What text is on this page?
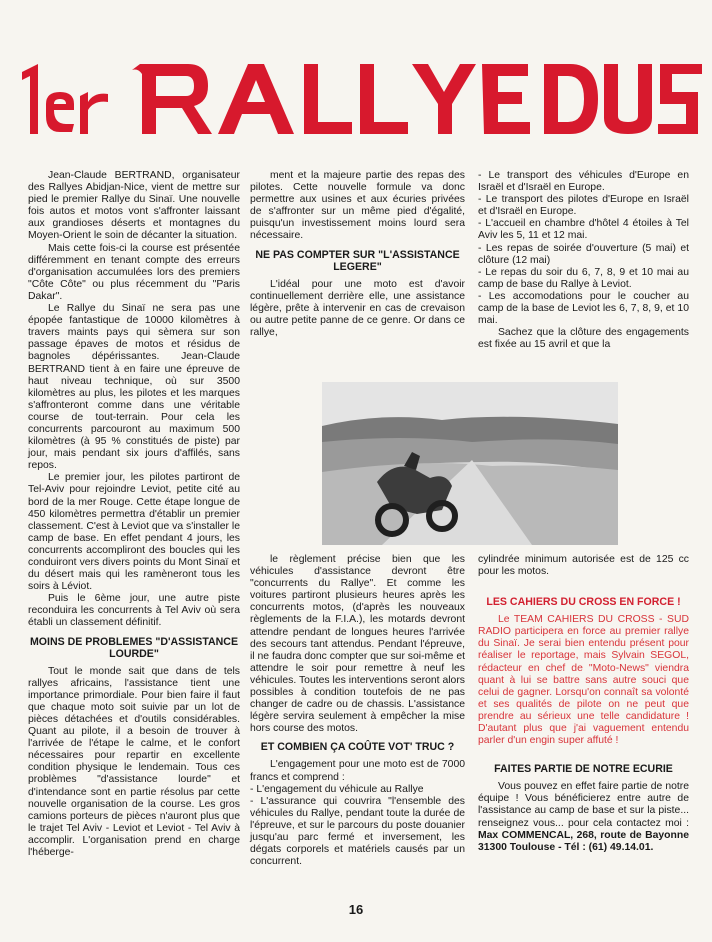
Jean-Claude BERTRAND, organisateur des Rallyes Abidjan-Nice, vient de mettre sur pied le premier Rallye du Sinaï. Une nouvelle fois autos et motos vont s'affronter laissant aux grandioses déserts et montagnes du Moyen-Orient le soin de décanter la situation.

Mais cette fois-ci la course est présentée différemment en tenant compte des erreurs d'organisation accumulées lors des premiers "Côte Côte" ou plus récemment du "Paris Dakar".

Le Rallye du Sinaï ne sera pas une épopée fantastique de 10000 kilomètres à travers maints pays qui sèmera sur son passage épaves de motos et résidus de bagnoles dépérissantes. Jean-Claude BERTRAND tient à en faire une épreuve de haut niveau technique, où sur 3500 kilomètres au plus, les pilotes et les marques s'affronteront comme dans une véritable course de tout-terrain. Pour cela les concurrents parcouront au maximum 500 kilomètres (à 95 % constitués de piste) par jour, mais pendant six jours d'affilés, sans repos.

Le premier jour, les pilotes partiront de Tel-Aviv pour rejoindre Leviot, petite cité au bord de la mer Rouge. Cette étape longue de 450 kilomètres permettra d'établir un premier classement. C'est à Leviot que va s'installer le camp de base. En effet pendant 4 jours, les concurrents accompliront des boucles qui les conduiront vers divers points du Mont Sinaï et du désert mais qui les ramèneront tous les soirs à Léviot.

Puis le 6ème jour, une autre piste reconduira les concurrents à Tel Aviv où sera établi un classement définitif.

MOINS DE PROBLEMES "D'ASSISTANCE LOURDE"

Tout le monde sait que dans de tels rallyes africains, l'assistance tient une importance primordiale. Pour bien faire il faut que chaque moto soit suivie par un lot de pièces détachées et d'outils considérables. Quant au pilote, il a besoin de trouver à l'arrivée de l'étape le calme, et le confort nécessaires pour repartir en excellente condition physique le lendemain. Tous ces problèmes "d'assistance lourde" et d'intendance sont en partie résolus par cette nouvelle organisation de la course. Les gros camions porteurs de pièces n'auront plus que le trajet Tel Aviv - Leviot et Leviot - Tel Aviv à accomplir. L'organisation prend en charge l'héberge-

ment et la majeure partie des repas des pilotes. Cette nouvelle formule va donc permettre aux usines et aux écuries privées de s'affronter sur un même pied d'égalité, puisqu'un investissement moins lourd sera nécessaire.

NE PAS COMPTER SUR "L'ASSISTANCE LEGERE"

L'idéal pour une moto est d'avoir continuellement derrière elle, une assistance légère, prête à intervenir en cas de crevaison ou autre petite panne de ce genre. Or dans ce rallye,

- Le transport des véhicules d'Europe en Israël et d'Israël en Europe.

- Le transport des pilotes d'Europe en Israël et d'Israël en Europe.

- L'accueil en chambre d'hôtel 4 étoiles à Tel Aviv les 5, 11 et 12 mai.

- Les repas de soirée d'ouverture (5 mai) et clôture (12 mai)

- Le repas du soir du 6, 7, 8, 9 et 10 mai au camp de base du Rallye à Leviot.

- Les accomodations pour le coucher au camp de la base de Leviot les 6, 7, 8, 9, et 10 mai.

Sachez que la clôture des engagements est fixée au 15 avril et que la

le règlement précise bien que les véhicules d'assistance devront être "concurrents du Rallye". Et comme les voitures partiront plusieurs heures après les concurrents motos, (d'après les nouveaux règlements de la F.I.A.), les motards devront attendre pendant de longues heures l'arrivée des secours tant attendus. Pendant l'épreuve, il ne faudra donc compter que sur soi-même et attendre le soir pour remettre à neuf les véhicules. Toutes les interventions seront alors possibles à condition toutefois de ne pas changer de cadre ou de chassis. L'assistance légère servira seulement à empêcher la mise hors course des motos.

ET COMBIEN ÇA COÛTE VOT' TRUC ?

L'engagement pour une moto est de 7000 francs et comprend :

- L'engagement du véhicule au Rallye

- L'assurance qui couvrira "l'ensemble des véhicules du Rallye, pendant toute la durée de l'épreuve, et sur le parcours du poste douanier jusqu'au parc fermé et inversement, les dégats corporels et matériels causés par un concurrent.

cylindrée minimum autorisée est de 125 cc pour les motos.

LES CAHIERS DU CROSS EN FORCE !

Le TEAM CAHIERS DU CROSS - SUD RADIO participera en force au premier rallye du Sinaï. Je serai bien entendu présent pour réaliser le reportage, mais Sylvain SEGOL, rédacteur en chef de "Moto-News" viendra quant à lui se battre sans autre souci que celui de gagner. Lorsqu'on connaît sa volonté et ses qualités de pilote on ne peut que prendre au sérieux une telle candidature ! D'autant plus que j'ai vaguement entendu parler d'un engin super affuté !

FAITES PARTIE DE NOTRE ECURIE

Vous pouvez en effet faire partie de notre équipe ! Vous bénéficierez entre autre de l'assistance au camp de base et sur la piste... renseignez vous... pour cela contactez moi : Max COMMENCAL, 268, route de Bayonne 31300 Toulouse - Tél : (61) 49.14.01.

16
